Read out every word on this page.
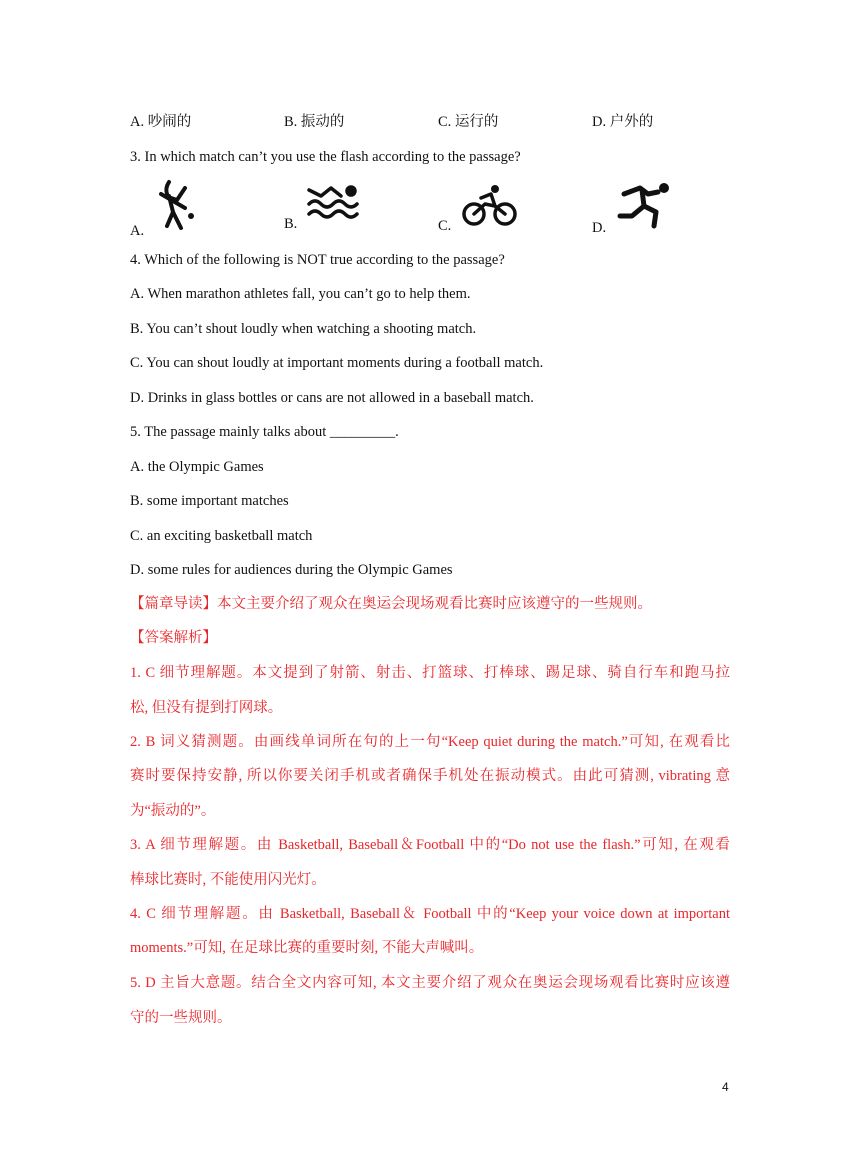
A. 吵闹的	B. 振动的	C. 运行的	D. 户外的
3. In which match can’t you use the flash according to the passage?
A.	B.	C.	D.
4. Which of the following is NOT true according to the passage?
A. When marathon athletes fall, you can’t go to help them.
B. You can’t shout loudly when watching a shooting match.
C. You can shout loudly at important moments during a football match.
D. Drinks in glass bottles or cans are not allowed in a baseball match.
5. The passage mainly talks about _________.
A. the Olympic Games
B. some important matches
C. an exciting basketball match
D. some rules for audiences during the Olympic Games
【篇章导读】本文主要介绍了观众在奥运会现场观看比赛时应该遵守的一些规则。
【答案解析】
1. C 细节理解题。本文提到了射箭、射击、打篮球、打棒球、踢足球、骑自行车和跑马拉
松, 但没有提到打网球。
2. B 词义猜测题。由画线单词所在句的上一句“Keep quiet during the match.”可知, 在观看比
赛时要保持安静, 所以你要关闭手机或者确保手机处在振动模式。由此可猜测, vibrating 意
为“振动的”。
3. A 细节理解题。由 Basketball, Baseball＆Football 中的“Do not use the flash.”可知, 在观看
棒球比赛时, 不能使用闪光灯。
4. C 细节理解题。由 Basketball, Baseball＆ Football 中的“Keep your voice down at important
moments.”可知, 在足球比赛的重要时刻, 不能大声喊叫。
5. D 主旨大意题。结合全文内容可知, 本文主要介绍了观众在奥运会现场观看比赛时应该遵
守的一些规则。
4
